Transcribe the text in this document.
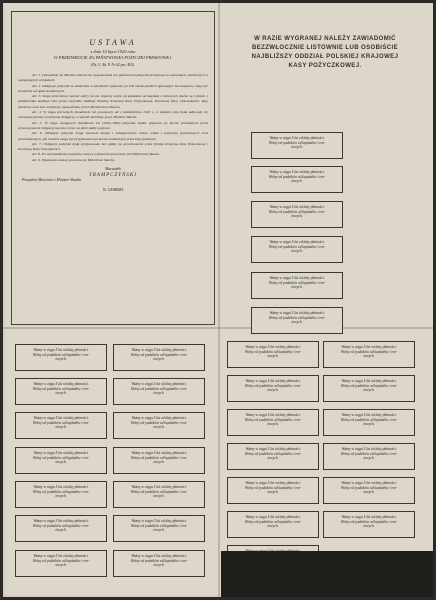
USTAWA
z dnia 16 lipca 1920 roku
W PRZEDMIOCIE 4% PAŃSTWOWEJ POŻYCZKI PREMJOWEJ.
(Dz. U. Rz. P. Nr 62 poz. 405).

Art. 1. Upoważnia się Ministra Skarbu do wypuszczenia 4% państwowej pożyczki premjowej na warunkach, określonych w następujących artykułach.

Art. 2. Obligacje pożyczki na okaziciela w odcinkach wyłącznie po 100 marek polskich opiewające bez kuponów, mają być zwolnione od opłat stemplowych.

Art. 3. Stopa procentowa wynosi cztery od sta. Kupony wolne od podatków od kapitału i rentowych, płatne są z dniem 1 października każdego roku przez wszystkie oddziały Polskiej Krajowej Kasy Pożyczkowej, Pocztowej Kasy Oszczędności, kasy skarbowe oraz inne instytucje, upoważnione przez Ministerstwo Skarbu.

Art. 4. W ciągu pierwszych dwudziestu lat, począwszy od 1 października 1920 r., w każdym roku będą odbywały się losowania premij i umorzenia obligacyj, w sposób określony przez Ministra Skarbu.

Art. 5. W ciągu następnych dwudziestu lat (1940–1960) pożyczka będzie spłacona po kursie nominalnym przez wylosowywanie obligacyj łącznie z temi, na które padły wygrane.

Art. 6. Obligacje pożyczki mogą stanowić kaucję i zabezpieczenie wobec władz i instytucyj państwowych oraz samorządowych, jak również mogą być przyjmowane po kursie nominalnym przez kasy publiczne.

Art. 7. Obligacje pożyczki będą przyjmowane bez opłaty na przechowanie przez Polską Krajową Kasę Pożyczkową i Pocztową Kasę Oszczędności.

Art. 8. Po wprowadzeniu przepisów ustawy wykonanie poruczanie jest Ministrowi Skarbu.

Art. 9. Wykonanie ustawy powierza się Ministrowi Skarbu.

Marszałek
TRAMPCZYŃSKI
Prezydent Ministrów i Minister Skarbu
W. GRABSKI
W RAZIE WYGRANEJ NALEŻY ZAWIADOMIĆ
BEZZWŁOCZNIE LISTOWNIE LUB OSOBIŚCIE
NAJBLIŻSZY ODDZIAŁ POLSKIEJ KRAJOWEJ
KASY POŻYCZKOWEJ.
Ważny w ciągu 5 lat od daty płatności.
Wolny od podatków od kapitałów i ren-
towych.
Ważny w ciągu 5 lat od daty płatności.
Wolny od podatków od kapitałów i ren-
towych.
Ważny w ciągu 5 lat od daty płatności.
Wolny od podatków od kapitałów i ren-
towych.
Ważny w ciągu 5 lat od daty płatności.
Wolny od podatków od kapitałów i ren-
towych.
Ważny w ciągu 5 lat od daty płatności.
Wolny od podatków od kapitałów i ren-
towych.
Ważny w ciągu 5 lat od daty płatności.
Wolny od podatków od kapitałów i ren-
towych.
Ważny w ciągu 5 lat od daty płatności.
Wolny od podatków od kapitałów i ren-
towych.
Ważny w ciągu 5 lat od daty płatności.
Wolny od podatków od kapitałów i ren-
towych.
Ważny w ciągu 5 lat od daty płatności.
Wolny od podatków od kapitałów i ren-
towych.
Ważny w ciągu 5 lat od daty płatności.
Wolny od podatków od kapitałów i ren-
towych.
Ważny w ciągu 5 lat od daty płatności.
Wolny od podatków od kapitałów i ren-
towych.
Ważny w ciągu 5 lat od daty płatności.
Wolny od podatków od kapitałów i ren-
towych.
Ważny w ciągu 5 lat od daty płatności.
Wolny od podatków od kapitałów i ren-
towych.
Ważny w ciągu 5 lat od daty płatności.
Wolny od podatków od kapitałów i ren-
towych.
Ważny w ciągu 5 lat od daty płatności.
Wolny od podatków od kapitałów i ren-
towych.
Ważny w ciągu 5 lat od daty płatności.
Wolny od podatków od kapitałów i ren-
towych.
Ważny w ciągu 5 lat od daty płatności.
Wolny od podatków od kapitałów i ren-
towych.
Ważny w ciągu 5 lat od daty płatności.
Wolny od podatków od kapitałów i ren-
towych.
Ważny w ciągu 5 lat od daty płatności.
Wolny od podatków od kapitałów i ren-
towych.
Ważny w ciągu 5 lat od daty płatności.
Wolny od podatków od kapitałów i ren-
towych.
Ważny w ciągu 5 lat od daty płatności.
Wolny od podatków od kapitałów i ren-
towych.
Ważny w ciągu 5 lat od daty płatności.
Wolny od podatków od kapitałów i ren-
towych.
Ważny w ciągu 5 lat od daty płatności.
Wolny od podatków od kapitałów i ren-
towych.
Ważny w ciągu 5 lat od daty płatności.
Wolny od podatków od kapitałów i ren-
towych.
Ważny w ciągu 5 lat od daty płatności.
Wolny od podatków od kapitałów i ren-
towych.
Ważny w ciągu 5 lat od daty płatności.
Wolny od podatków od kapitałów i ren-
towych.
Ważny w ciągu 5 lat od daty płatności.
Wolny od podatków od kapitałów i ren-
towych.
Ważny w ciągu 5 lat od daty płatności.
Wolny od podatków od kapitałów i ren-
towych.
Ważny w ciągu 5 lat od daty płatności.
Wolny od podatków od kapitałów i ren-
towych.
Ważny w ciągu 5 lat od daty płatności.
Wolny od podatków od kapitałów i ren-
towych.
Ważny w ciągu 5 lat od daty płatności.
Wolny od podatków od kapitałów i ren-
towych.
Ważny w ciągu 5 lat od daty płatności.
Wolny od podatków od kapitałów i ren-
towych.
